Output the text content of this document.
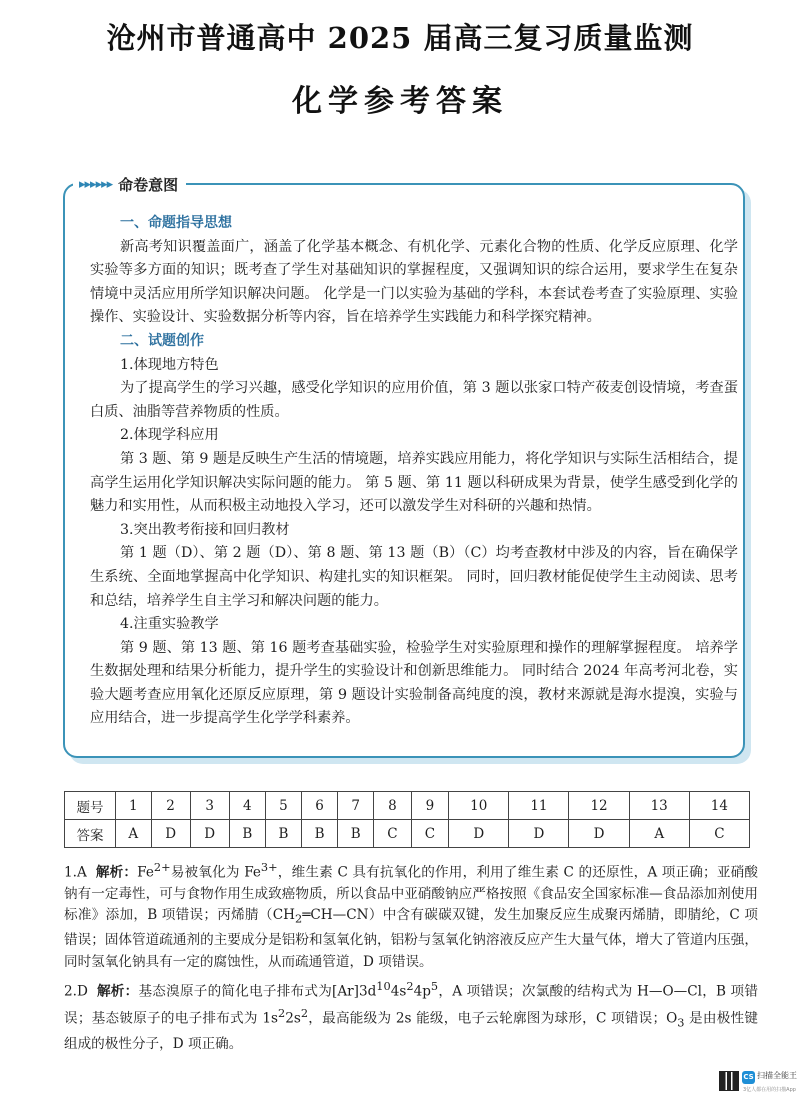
沧州市普通高中 2025 届高三复习质量监测
化学参考答案
▸▸▸▸▸▸ 命卷意图

一、命题指导思想

新高考知识覆盖面广，涵盖了化学基本概念、有机化学、元素化合物的性质、化学反应原理、化学实验等多方面的知识；既考查了学生对基础知识的掌握程度，又强调知识的综合运用，要求学生在复杂情境中灵活应用所学知识解决问题。 化学是一门以实验为基础的学科，本套试卷考查了实验原理、实验操作、实验设计、实验数据分析等内容，旨在培养学生实践能力和科学探究精神。

二、试题创作

1.体现地方特色

为了提高学生的学习兴趣，感受化学知识的应用价值，第 3 题以张家口特产莜麦创设情境，考查蛋白质、油脂等营养物质的性质。

2.体现学科应用

第 3 题、第 9 题是反映生产生活的情境题，培养实践应用能力，将化学知识与实际生活相结合，提高学生运用化学知识解决实际问题的能力。 第 5 题、第 11 题以科研成果为背景，使学生感受到化学的魅力和实用性，从而积极主动地投入学习，还可以激发学生对科研的兴趣和热情。

3.突出教考衔接和回归教材

第 1 题（D）、第 2 题（D）、第 8 题、第 13 题（B）（C）均考查教材中涉及的内容，旨在确保学生系统、全面地掌握高中化学知识、构建扎实的知识框架。 同时，回归教材能促使学生主动阅读、思考和总结，培养学生自主学习和解决问题的能力。

4.注重实验教学

第 9 题、第 13 题、第 16 题考查基础实验，检验学生对实验原理和操作的理解掌握程度。 培养学生数据处理和结果分析能力，提升学生的实验设计和创新思维能力。 同时结合 2024 年高考河北卷，实验大题考查应用氧化还原反应原理，第 9 题设计实验制备高纯度的溴，教材来源就是海水提溴，实验与应用结合，进一步提高学生化学学科素养。

题号	1	2	3	4	5	6	7	8	9	10	11	12	13	14
答案	A	D	D	B	B	B	B	C	C	D	D	D	A	C

1.A 解析：$Fe^{2+}$易被氧化为 $Fe^{3+}$，维生素 C 具有抗氧化的作用，利用了维生素 C 的还原性，A 项正确；亚硝酸钠有一定毒性，可与食物作用生成致癌物质，所以食品中亚硝酸钠应严格按照《食品安全国家标准—食品添加剂使用标准》添加，B 项错误；丙烯腈$(CH_2═CH—CN)$中含有碳碳双键，发生加聚反应生成聚丙烯腈，即腈纶，C 项错误；固体管道疏通剂的主要成分是铝粉和氢氧化钠，铝粉与氢氧化钠溶液反应产生大量气体，增大了管道内压强，同时氢氧化钠具有一定的腐蚀性，从而疏通管道，D 项错误。

2.D 解析：基态溴原子的简化电子排布式为$[Ar]3d^{10}4s^24p^5$，A 项错误；次氯酸的结构式为 H—O—Cl，B 项错误；基态铍原子的电子排布式为 $1s^22s^2$，最高能级为 2s 能级，电子云轮廓图为球形，C 项错误；$O_3$ 是由极性键组成的极性分子，D 项正确。

CS 扫描全能王
3亿人都在用的扫描App
